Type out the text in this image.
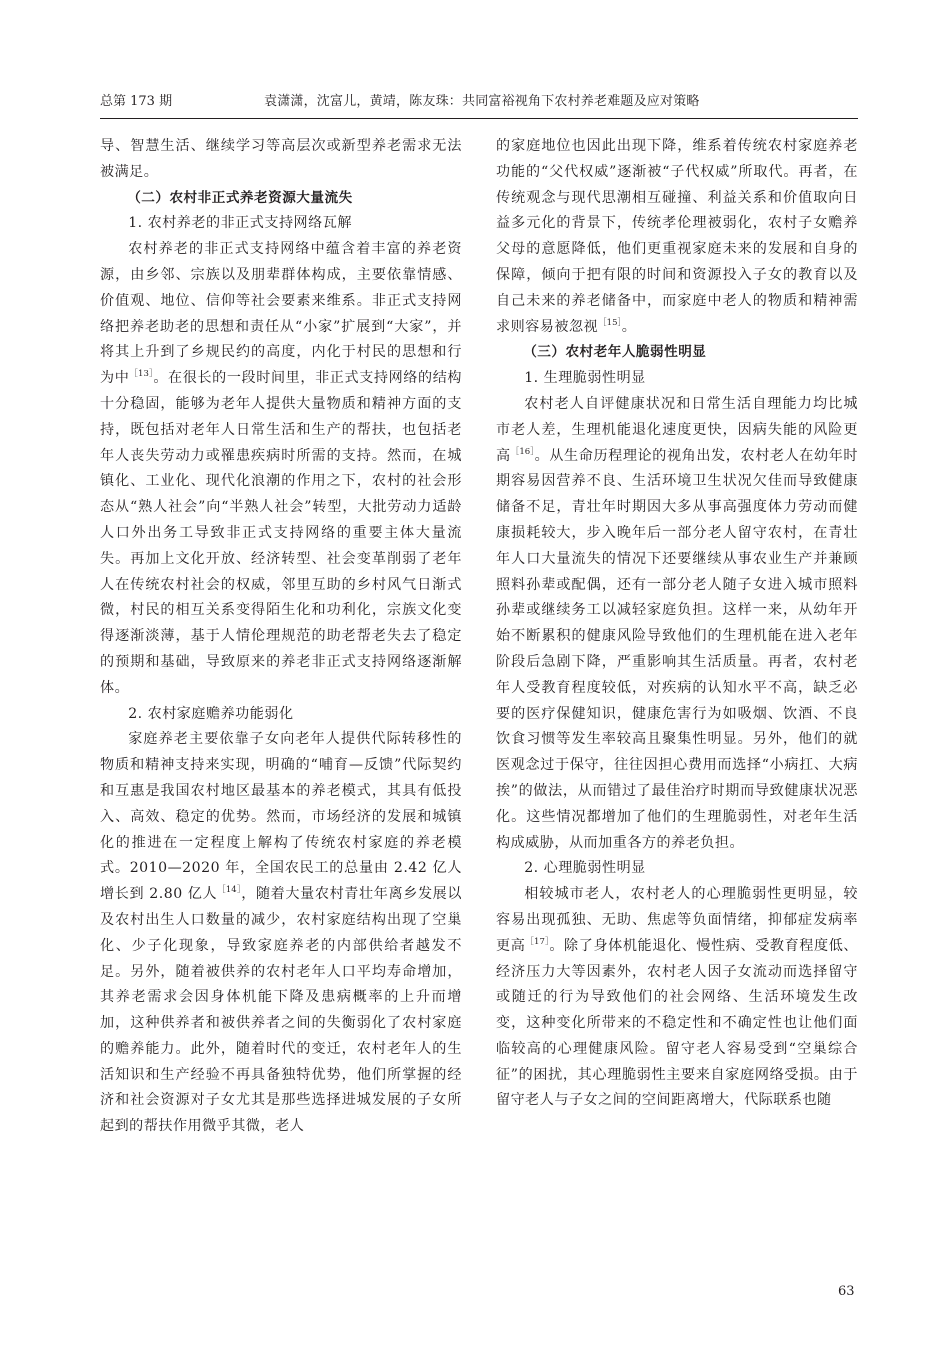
总第 173 期	袁潇潇，沈富儿，黄靖，陈友珠：共同富裕视角下农村养老难题及应对策略

导、智慧生活、继续学习等高层次或新型养老需求无法被满足。

（二）农村非正式养老资源大量流失

1. 农村养老的非正式支持网络瓦解

农村养老的非正式支持网络中蕴含着丰富的养老资源，由乡邻、宗族以及朋辈群体构成，主要依靠情感、价值观、地位、信仰等社会要素来维系。非正式支持网络把养老助老的思想和责任从“小家”扩展到“大家”，并将其上升到了乡规民约的高度，内化于村民的思想和行为中$^{[13]}$。在很长的一段时间里，非正式支持网络的结构十分稳固，能够为老年人提供大量物质和精神方面的支持，既包括对老年人日常生活和生产的帮扶，也包括老年人丧失劳动力或罹患疾病时所需的支持。然而，在城镇化、工业化、现代化浪潮的作用之下，农村的社会形态从“熟人社会”向“半熟人社会”转型，大批劳动力适龄人口外出务工导致非正式支持网络的重要主体大量流失。再加上文化开放、经济转型、社会变革削弱了老年人在传统农村社会的权威，邻里互助的乡村风气日渐式微，村民的相互关系变得陌生化和功利化，宗族文化变得逐渐淡薄，基于人情伦理规范的助老帮老失去了稳定的预期和基础，导致原来的养老非正式支持网络逐渐解体。

2. 农村家庭赡养功能弱化

家庭养老主要依靠子女向老年人提供代际转移性的物质和精神支持来实现，明确的“哺育—反馈”代际契约和互惠是我国农村地区最基本的养老模式，其具有低投入、高效、稳定的优势。然而，市场经济的发展和城镇化的推进在一定程度上解构了传统农村家庭的养老模式。2010—2020 年，全国农民工的总量由 2.42 亿人增长到 2.80 亿人$^{[14]}$，随着大量农村青壮年离乡发展以及农村出生人口数量的减少，农村家庭结构出现了空巢化、少子化现象，导致家庭养老的内部供给者越发不足。另外，随着被供养的农村老年人口平均寿命增加，其养老需求会因身体机能下降及患病概率的上升而增加，这种供养者和被供养者之间的失衡弱化了农村家庭的赡养能力。此外，随着时代的变迁，农村老年人的生活知识和生产经验不再具备独特优势，他们所掌握的经济和社会资源对子女尤其是那些选择进城发展的子女所起到的帮扶作用微乎其微，老人

的家庭地位也因此出现下降，维系着传统农村家庭养老功能的“父代权威”逐渐被“子代权威”所取代。再者，在传统观念与现代思潮相互碰撞、利益关系和价值取向日益多元化的背景下，传统孝伦理被弱化，农村子女赡养父母的意愿降低，他们更重视家庭未来的发展和自身的保障，倾向于把有限的时间和资源投入子女的教育以及自己未来的养老储备中，而家庭中老人的物质和精神需求则容易被忽视$^{[15]}$。

（三）农村老年人脆弱性明显

1. 生理脆弱性明显

农村老人自评健康状况和日常生活自理能力均比城市老人差，生理机能退化速度更快，因病失能的风险更高$^{[16]}$。从生命历程理论的视角出发，农村老人在幼年时期容易因营养不良、生活环境卫生状况欠佳而导致健康储备不足，青壮年时期因大多从事高强度体力劳动而健康损耗较大，步入晚年后一部分老人留守农村，在青壮年人口大量流失的情况下还要继续从事农业生产并兼顾照料孙辈或配偶，还有一部分老人随子女进入城市照料孙辈或继续务工以减轻家庭负担。这样一来，从幼年开始不断累积的健康风险导致他们的生理机能在进入老年阶段后急剧下降，严重影响其生活质量。再者，农村老年人受教育程度较低，对疾病的认知水平不高，缺乏必要的医疗保健知识，健康危害行为如吸烟、饮酒、不良饮食习惯等发生率较高且聚集性明显。另外，他们的就医观念过于保守，往往因担心费用而选择“小病扛、大病挨”的做法，从而错过了最佳治疗时期而导致健康状况恶化。这些情况都增加了他们的生理脆弱性，对老年生活构成威胁，从而加重各方的养老负担。

2. 心理脆弱性明显

相较城市老人，农村老人的心理脆弱性更明显，较容易出现孤独、无助、焦虑等负面情绪，抑郁症发病率更高$^{[17]}$。除了身体机能退化、慢性病、受教育程度低、经济压力大等因素外，农村老人因子女流动而选择留守或随迁的行为导致他们的社会网络、生活环境发生改变，这种变化所带来的不稳定性和不确定性也让他们面临较高的心理健康风险。留守老人容易受到“空巢综合征”的困扰，其心理脆弱性主要来自家庭网络受损。由于留守老人与子女之间的空间距离增大，代际联系也随

63
